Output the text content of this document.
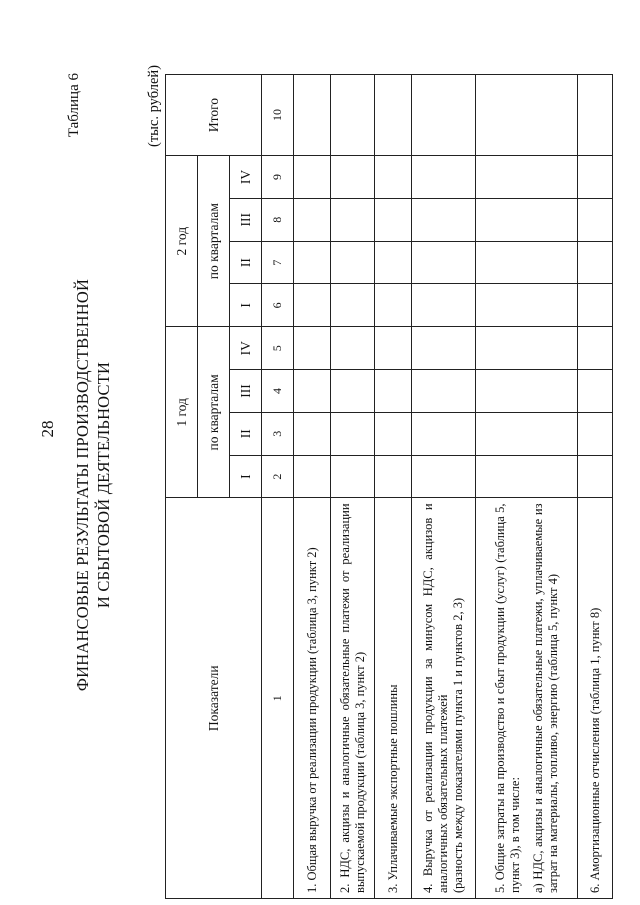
28 ФИНАНСОВЫЕ РЕЗУЛЬТАТЫ ПРОИЗВОДСТВЕННОЙ И СБЫТОВОЙ ДЕЯТЕЛЬНОСТИ
Таблица 6	(тыс. рублей)
Показатели	1 год				2 год				Итого
	по кварталам				по кварталам				
	I	II	III	IV	I	II	III	IV	
1	2	3	4	5	6	7	8	9	10
1. Общая выручка от реализации продукции (таблица 3, пункт 2)									

2. НДС, акцизы и аналогичные обязательные платежи от реализации выпускаемой продукции (таблица 3, пункт 2)									
3. Уплачиваемые экспортные пошлины									

4. Выручка от реализации продукции за минусом НДС, акцизов и аналогичных обязательных платежей (разность между показателями пункта 1 и пунктов 2, 3)									

5. Общие затраты на производство и сбыт продукции (услуг) (таблица 5, пункт 3), в том числе: а) НДС, акцизы и аналогичные обязательные платежи, уплачиваемые из затрат на материалы, топливо, энергию (таблица 5, пункт 4)									

6. Амортизационные отчисления (таблица 1, пункт 8)									
